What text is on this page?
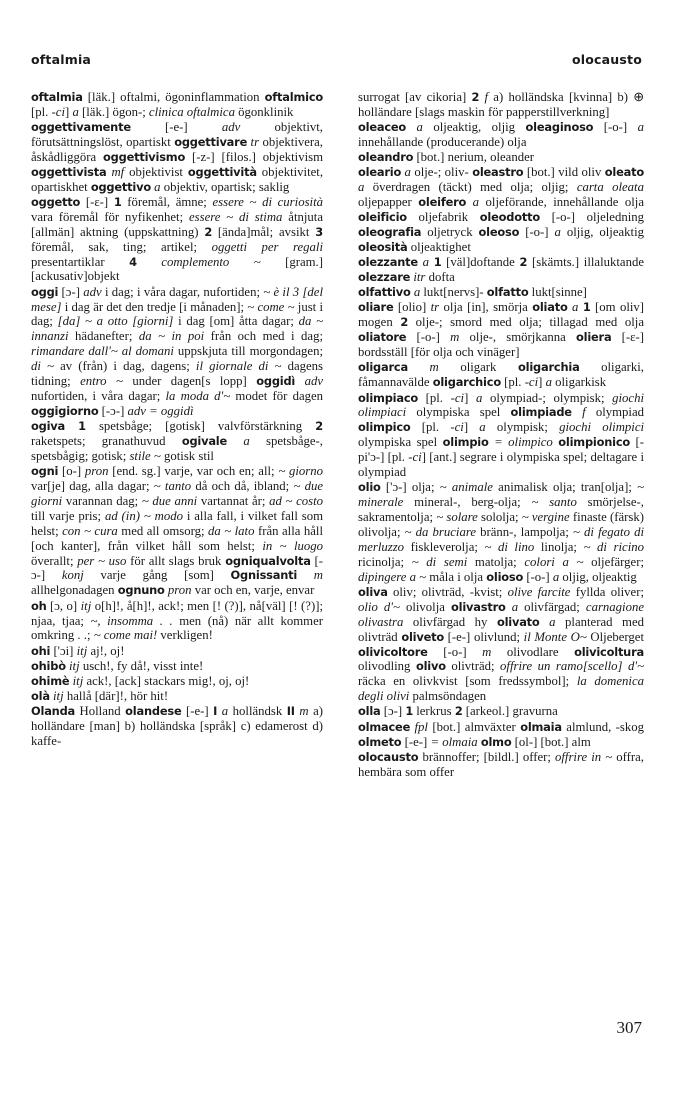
oftalmia	olocausto

oftalmia [läk.] oftalmi, ögoninflammation oftalmico [pl. -ci] a [läk.] ögon-; clinica oftalmica ögonklinik

oggettivamente [-e-] adv objektivt, förutsättningslöst, opartiskt oggettivare tr objektivera, åskådliggöra oggettivismo [-z-] [filos.] objektivism oggettivista mf objektivist oggettività objektivitet, opartiskhet oggettivo a objektiv, opartisk; saklig

oggetto [-ɛ-] 1 föremål, ämne; essere ~ di curiosità vara föremål för nyfikenhet; essere ~ di stima åtnjuta [allmän] aktning (uppskattning) 2 [ända]mål; avsikt 3 föremål, sak, ting; artikel; oggetti per regali presentartiklar 4 complemento ~ [gram.] [ackusativ]objekt

oggi [ɔ-] adv i dag; i våra dagar, nufortiden; ~ è il 3 [del mese] i dag är det den tredje [i månaden]; ~ come ~ just i dag; [da] ~ a otto [giorni] i dag [om] åtta dagar; da ~ innanzi hädanefter; da ~ in poi från och med i dag; rimandare dall'~ al domani uppskjuta till morgondagen; di ~ av (från) i dag, dagens; il giornale di ~ dagens tidning; entro ~ under dagen[s lopp] oggidì adv nufortiden, i våra dagar; la moda d'~ modet för dagen oggigiorno [-ɔ-] adv = oggidì

ogiva 1 spetsbåge; [gotisk] valvförstärkning 2 raketspets; granathuvud ogivale a spetsbåge-, spetsbågig; gotisk; stile ~ gotisk stil

ogni [o-] pron [end. sg.] varje, var och en; all; ~ giorno var[je] dag, alla dagar; ~ tanto då och då, ibland; ~ due giorni varannan dag; ~ due anni vartannat år; ad ~ costo till varje pris; ad (in) ~ modo i alla fall, i vilket fall som helst; con ~ cura med all omsorg; da ~ lato från alla håll [och kanter], från vilket håll som helst; in ~ luogo överallt; per ~ uso för allt slags bruk ogniqualvolta [-ɔ-] konj varje gång [som] Ognissanti m allhelgonadagen ognuno pron var och en, varje, envar

oh [ɔ, o] itj o[h]!, å[h]!, ack!; men [! (?)], nå[väl] [! (?)]; njaa, tjaa; ~, insomma . . men (nå) när allt kommer omkring . .; ~ come mai! verkligen!

ohi ['ɔi] itj aj!, oj!

ohibò itj usch!, fy då!, visst inte!

ohimè itj ack!, [ack] stackars mig!, oj, oj!

olà itj hallå [där]!, hör hit!

Olanda Holland olandese [-e-] I a holländsk II m a) holländare [man] b) holländska [språk] c) edamerost d) kaffe-

surrogat [av cikoria] 2 f a) holländska [kvinna] b) ⊕ holländare [slags maskin för papperstillverkning]

oleaceo a oljeaktig, oljig oleaginoso [-o-] a innehållande (producerande) olja

oleandro [bot.] nerium, oleander

oleario a olje-; oliv- oleastro [bot.] vild oliv oleato a överdragen (täckt) med olja; oljig; carta oleata oljepapper oleifero a oljeförande, innehållande olja oleificio oljefabrik oleodotto [-o-] oljeledning oleografia oljetryck oleoso [-o-] a oljig, oljeaktig oleosità oljeaktighet

olezzante a 1 [väl]doftande 2 [skämts.] illaluktande olezzare itr dofta

olfattivo a lukt[nervs]- olfatto lukt[sinne]

oliare [olio] tr olja [in], smörja oliato a 1 [om oliv] mogen 2 olje-; smord med olja; tillagad med olja oliatore [-o-] m olje-, smörjkanna oliera [-ɛ-] bordsställ [för olja och vinäger]

oligarca m oligark oligarchia oligarki, fåmannavälde oligarchico [pl. -ci] a oligarkisk

olimpiaco [pl. -ci] a olympiad-; olympisk; giochi olimpiaci olympiska spel olimpiade f olympiad olimpico [pl. -ci] a olympisk; giochi olimpici olympiska spel olimpio = olimpico olimpionico [-pi'ɔ-] [pl. -ci] [ant.] segrare i olympiska spel; deltagare i olympiad

olio ['ɔ-] olja; ~ animale animalisk olja; tran[olja]; ~ minerale mineral-, berg-olja; ~ santo smörjelse-, sakramentolja; ~ solare sololja; ~ vergine finaste (färsk) olivolja; ~ da bruciare bränn-, lampolja; ~ di fegato di merluzzo fiskleverolja; ~ di lino linolja; ~ di ricino ricinolja; ~ di semi matolja; colori a ~ oljefärger; dipingere a ~ måla i olja olioso [-o-] a oljig, oljeaktig

oliva oliv; olivträd, -kvist; olive farcite fyllda oliver; olio d'~ olivolja olivastro a olivfärgad; carnagione olivastra olivfärgad hy olivato a planterad med olivträd oliveto [-e-] olivlund; il Monte O~ Oljeberget olivicoltore [-o-] m olivodlare olivicoltura olivodling olivo olivträd; offrire un ramo[scello] d'~ räcka en olivkvist [som fredssymbol]; la domenica degli olivi palmsöndagen

olla [ɔ-] 1 lerkrus 2 [arkeol.] gravurna

olmacee fpl [bot.] almväxter olmaia almlund, -skog olmeto [-e-] = olmaia olmo [ol-] [bot.] alm

olocausto brännoffer; [bildl.] offer; offrire in ~ offra, hembära som offer

307
